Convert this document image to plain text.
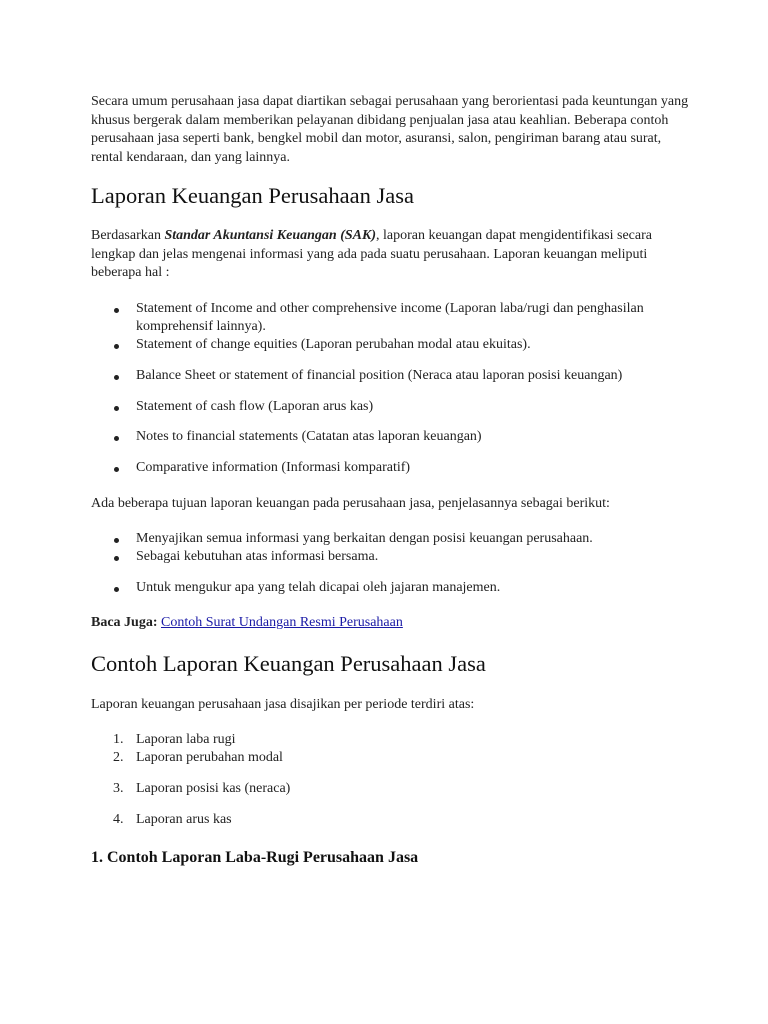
Secara umum perusahaan jasa dapat diartikan sebagai perusahaan yang berorientasi pada keuntungan yang khusus bergerak dalam memberikan pelayanan dibidang penjualan jasa atau keahlian. Beberapa contoh perusahaan jasa seperti bank, bengkel mobil dan motor, asuransi, salon, pengiriman barang atau surat, rental kendaraan, dan yang lainnya.

Laporan Keuangan Perusahaan Jasa

Berdasarkan Standar Akuntansi Keuangan (SAK), laporan keuangan dapat mengidentifikasi secara lengkap dan jelas mengenai informasi yang ada pada suatu perusahaan. Laporan keuangan meliputi beberapa hal :

Statement of Income and other comprehensive income (Laporan laba/rugi dan penghasilan komprehensif lainnya).
Statement of change equities (Laporan perubahan modal atau ekuitas).
Balance Sheet or statement of financial position (Neraca atau laporan posisi keuangan)
Statement of cash flow (Laporan arus kas)
Notes to financial statements (Catatan atas laporan keuangan)
Comparative information (Informasi komparatif)

Ada beberapa tujuan laporan keuangan pada perusahaan jasa, penjelasannya sebagai berikut:

Menyajikan semua informasi yang berkaitan dengan posisi keuangan perusahaan.
Sebagai kebutuhan atas informasi bersama.
Untuk mengukur apa yang telah dicapai oleh jajaran manajemen.

Baca Juga: Contoh Surat Undangan Resmi Perusahaan

Contoh Laporan Keuangan Perusahaan Jasa

Laporan keuangan perusahaan jasa disajikan per periode terdiri atas:

1. Laporan laba rugi
2. Laporan perubahan modal
3. Laporan posisi kas (neraca)
4. Laporan arus kas
1. Contoh Laporan Laba-Rugi Perusahaan Jasa
